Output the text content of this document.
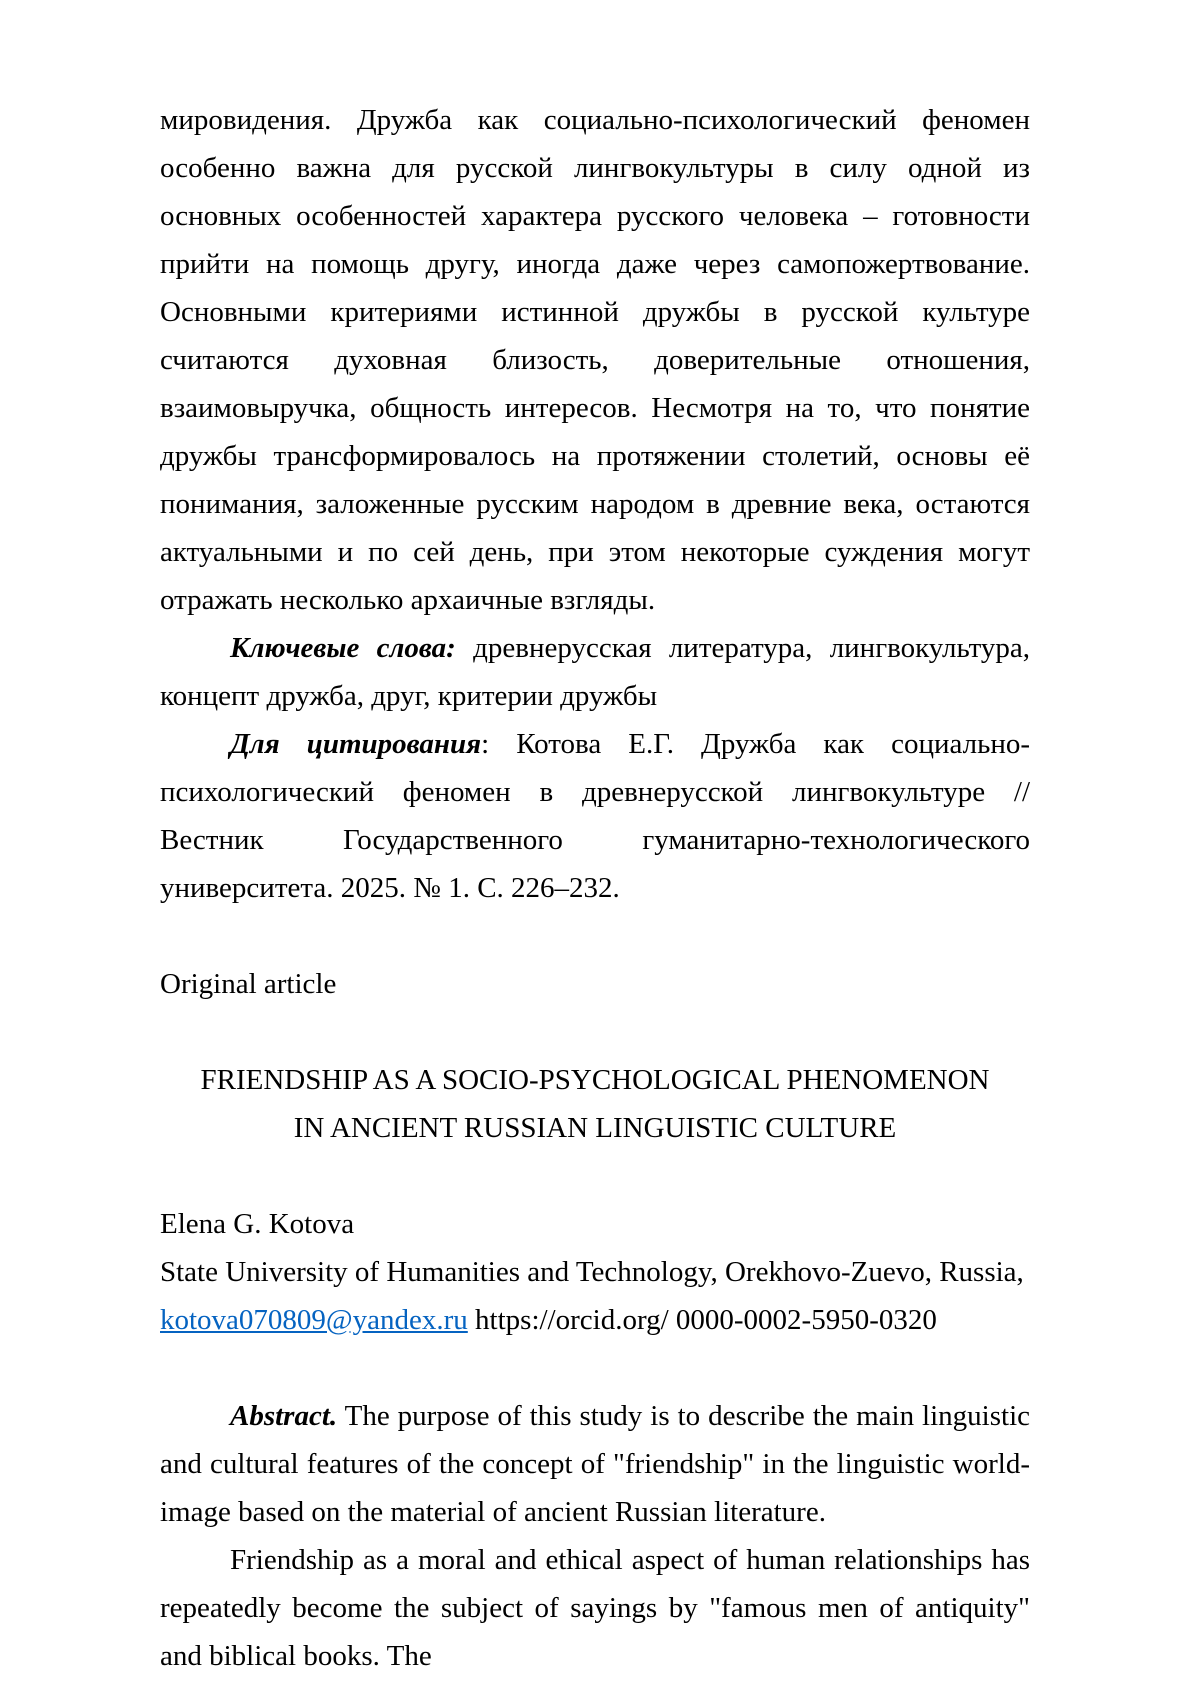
мировидения. Дружба как социально-психологический феномен особенно важна для русской лингвокультуры в силу одной из основных особенностей характера русского человека – готовности прийти на помощь другу, иногда даже через самопожертвование. Основными критериями истинной дружбы в русской культуре считаются духовная близость, доверительные отношения, взаимовыручка, общность интересов. Несмотря на то, что понятие дружбы трансформировалось на протяжении столетий, основы её понимания, заложенные русским народом в древние века, остаются актуальными и по сей день, при этом некоторые суждения могут отражать несколько архаичные взгляды.

Ключевые слова: древнерусская литература, лингвокультура, концепт дружба, друг, критерии дружбы

Для цитирования: Котова Е.Г. Дружба как социально-психологический феномен в древнерусской лингвокультуре // Вестник Государственного гуманитарно-технологического университета. 2025. № 1. С. 226–232.

Original article

FRIENDSHIP AS A SOCIO-PSYCHOLOGICAL PHENOMENON
IN ANCIENT RUSSIAN LINGUISTIC CULTURE

Elena G. Kotova

State University of Humanities and Technology, Orekhovo-Zuevo, Russia,

kotova070809@yandex.ru https://orcid.org/ 0000-0002-5950-0320

Abstract. The purpose of this study is to describe the main linguistic and cultural features of the concept of "friendship" in the linguistic world- image based on the material of ancient Russian literature.

Friendship as a moral and ethical aspect of human relationships has repeatedly become the subject of sayings by "famous men of antiquity" and biblical books. The
